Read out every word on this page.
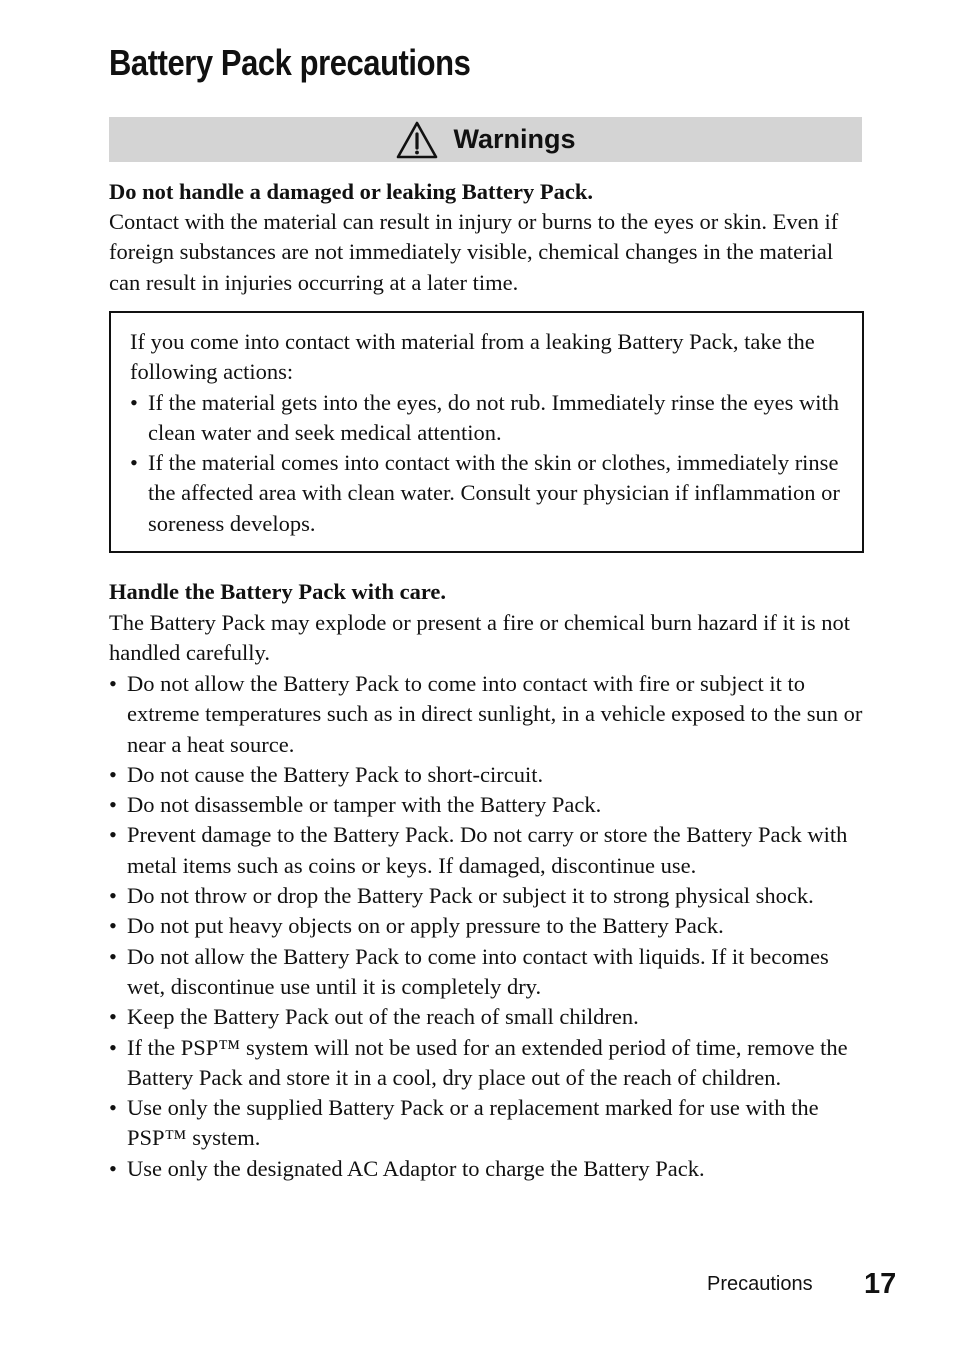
Battery Pack precautions
Warnings

Do not handle a damaged or leaking Battery Pack.

Contact with the material can result in injury or burns to the eyes or skin. Even if foreign substances are not immediately visible, chemical changes in the material can result in injuries occurring at a later time.

If you come into contact with material from a leaking Battery Pack, take the following actions:

• If the material gets into the eyes, do not rub. Immediately rinse the eyes with clean water and seek medical attention.
• If the material comes into contact with the skin or clothes, immediately rinse the affected area with clean water. Consult your physician if inflammation or soreness develops.

Handle the Battery Pack with care.

The Battery Pack may explode or present a fire or chemical burn hazard if it is not handled carefully.

• Do not allow the Battery Pack to come into contact with fire or subject it to extreme temperatures such as in direct sunlight, in a vehicle exposed to the sun or near a heat source.
• Do not cause the Battery Pack to short-circuit.
• Do not disassemble or tamper with the Battery Pack.
• Prevent damage to the Battery Pack. Do not carry or store the Battery Pack with metal items such as coins or keys. If damaged, discontinue use.
• Do not throw or drop the Battery Pack or subject it to strong physical shock.
• Do not put heavy objects on or apply pressure to the Battery Pack.
• Do not allow the Battery Pack to come into contact with liquids. If it becomes wet, discontinue use until it is completely dry.
• Keep the Battery Pack out of the reach of small children.
• If the PSP™ system will not be used for an extended period of time, remove the Battery Pack and store it in a cool, dry place out of the reach of children.
• Use only the supplied Battery Pack or a replacement marked for use with the PSP™ system.
• Use only the designated AC Adaptor to charge the Battery Pack.
Precautions 17
